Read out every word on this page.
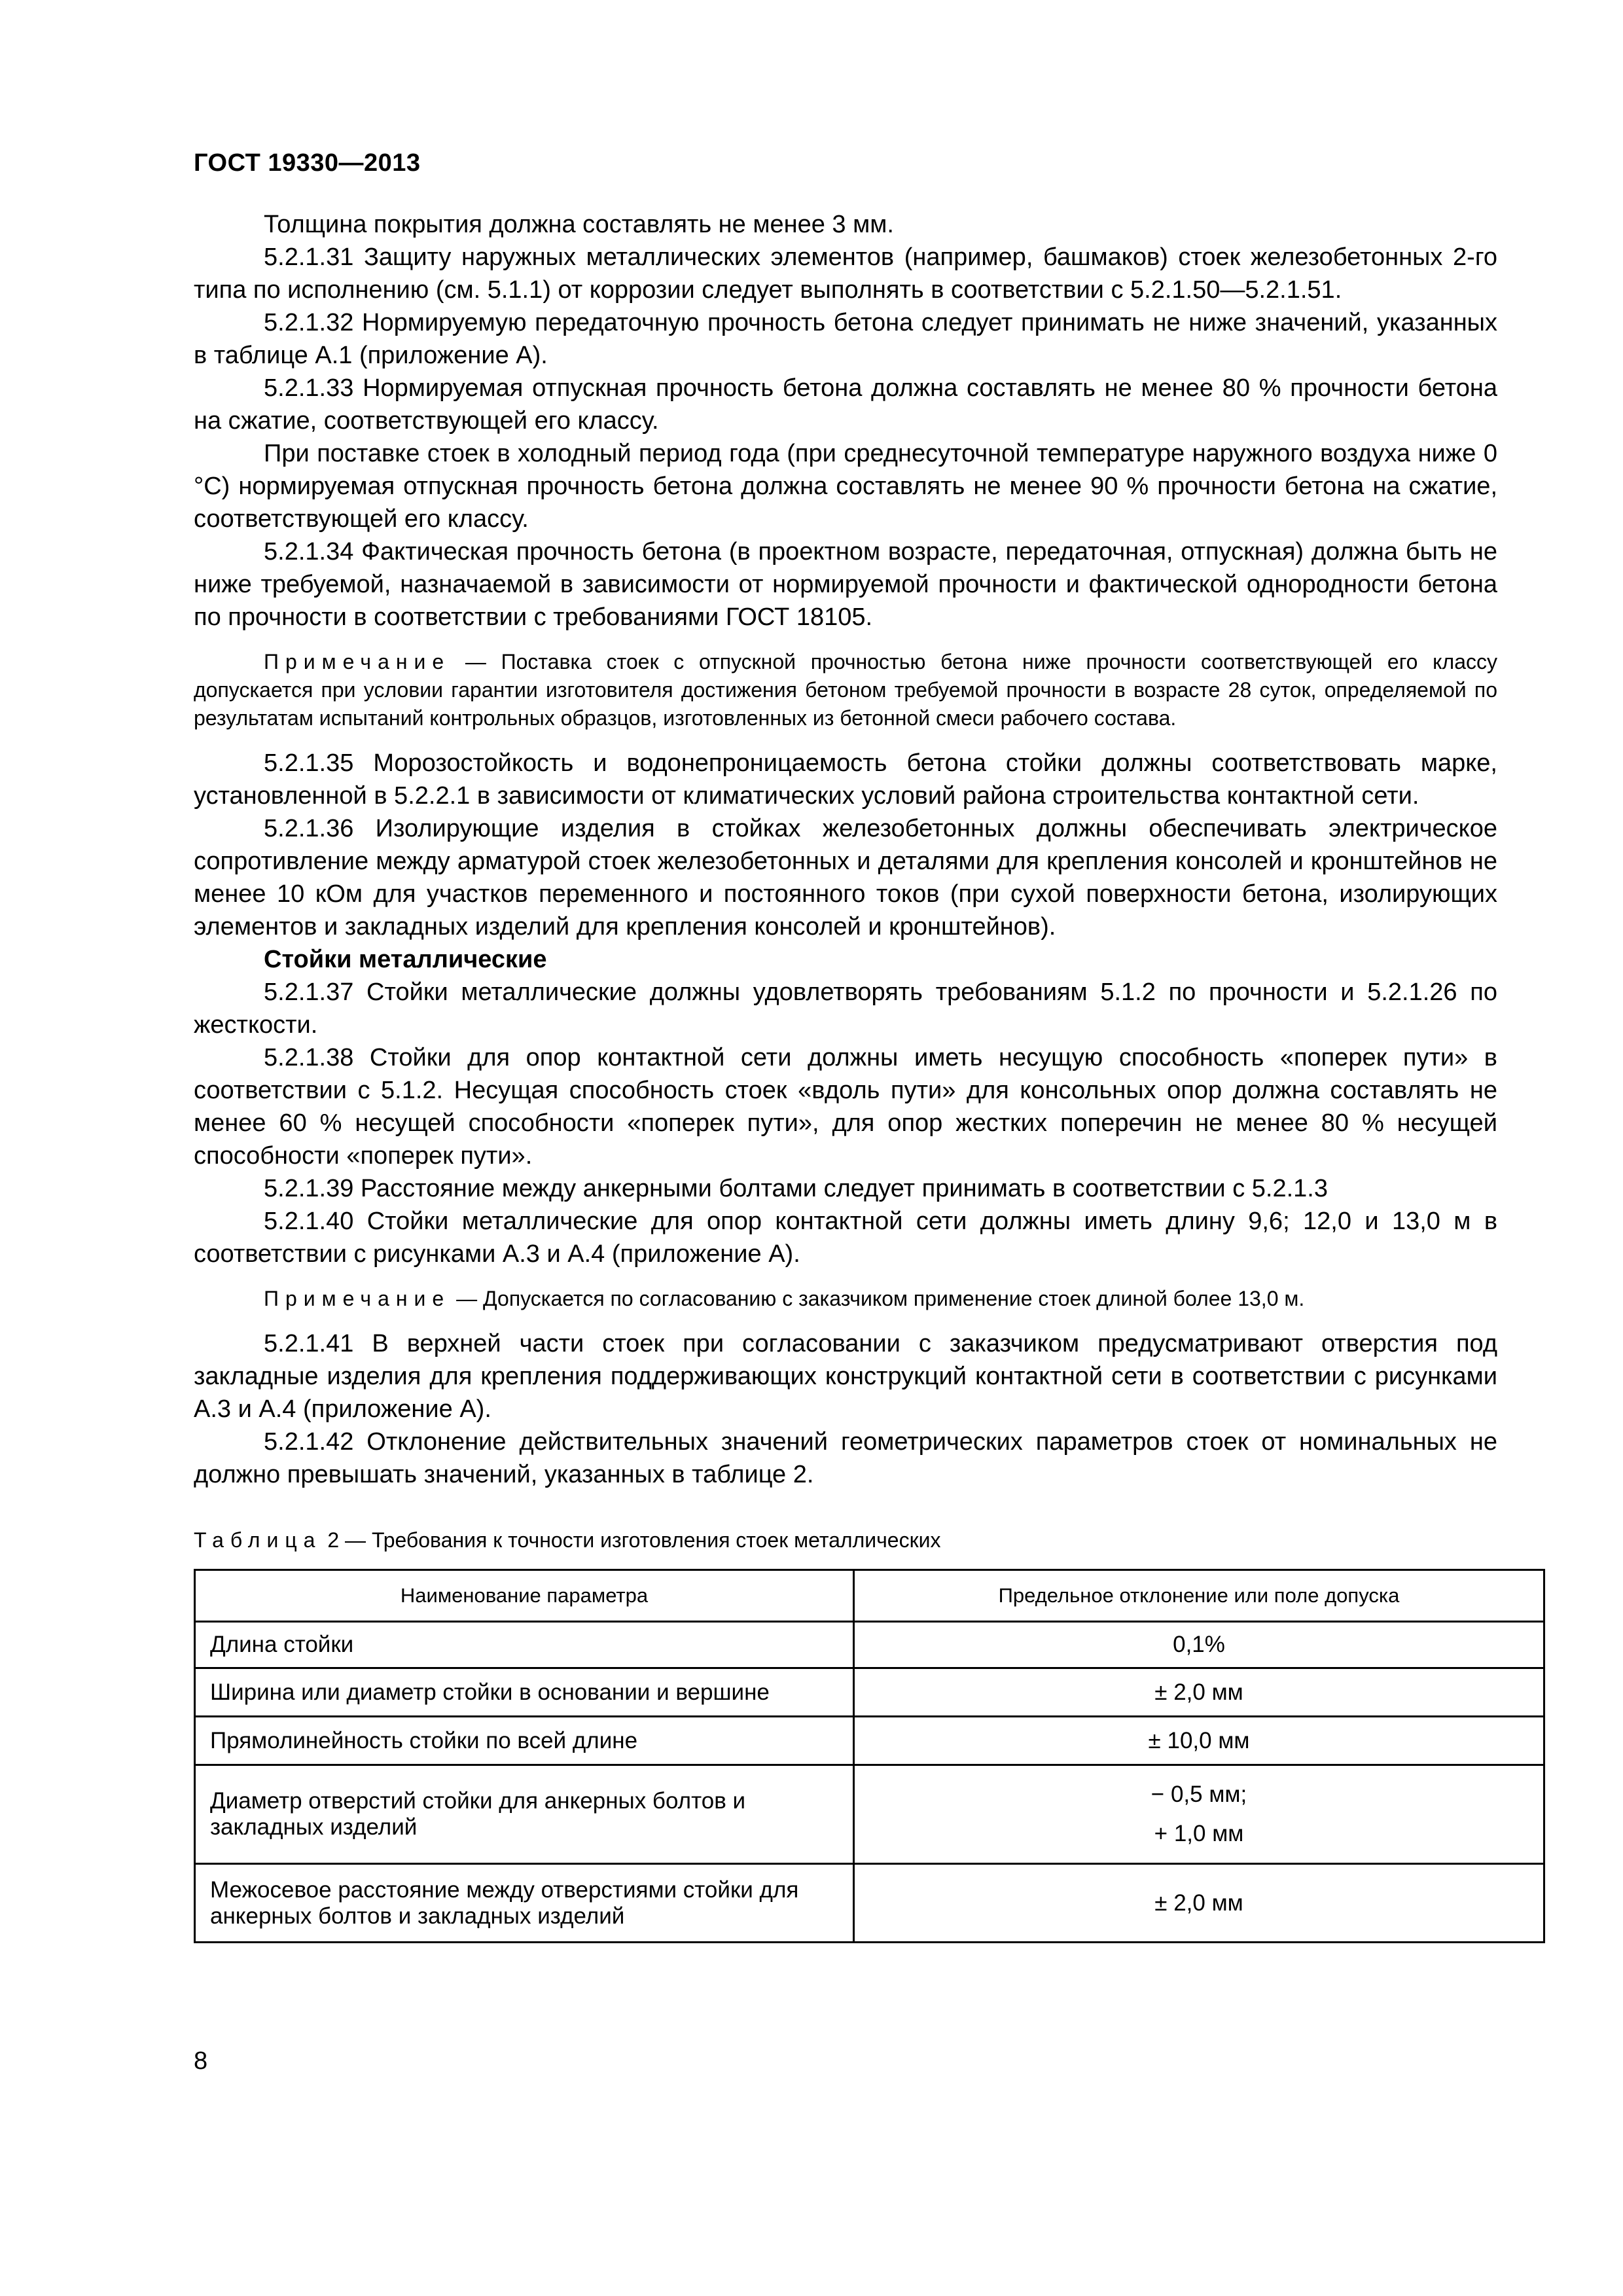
ГОСТ 19330—2013

Толщина покрытия должна составлять не менее 3 мм.

5.2.1.31 Защиту наружных металлических элементов (например, башмаков) стоек железобетонных 2-го типа по исполнению (см. 5.1.1) от коррозии следует выполнять в соответствии с 5.2.1.50—5.2.1.51.

5.2.1.32 Нормируемую передаточную прочность бетона следует принимать не ниже значений, указанных в таблице А.1 (приложение А).

5.2.1.33 Нормируемая отпускная прочность бетона должна составлять не менее 80 % прочности бетона на сжатие, соответствующей его классу.

При поставке стоек в холодный период года (при среднесуточной температуре наружного воздуха ниже 0 °С) нормируемая отпускная прочность бетона должна составлять не менее 90 % прочности бетона на сжатие, соответствующей его классу.

5.2.1.34 Фактическая прочность бетона (в проектном возрасте, передаточная, отпускная) должна быть не ниже требуемой, назначаемой в зависимости от нормируемой прочности и фактической однородности бетона по прочности в соответствии с требованиями ГОСТ 18105.

Примечание — Поставка стоек с отпускной прочностью бетона ниже прочности соответствующей его классу допускается при условии гарантии изготовителя достижения бетоном требуемой прочности в возрасте 28 суток, определяемой по результатам испытаний контрольных образцов, изготовленных из бетонной смеси рабочего состава.

5.2.1.35 Морозостойкость и водонепроницаемость бетона стойки должны соответствовать марке, установленной в 5.2.2.1 в зависимости от климатических условий района строительства контактной сети.

5.2.1.36 Изолирующие изделия в стойках железобетонных должны обеспечивать электрическое сопротивление между арматурой стоек железобетонных и деталями для крепления консолей и кронштейнов не менее 10 кОм для участков переменного и постоянного токов (при сухой поверхности бетона, изолирующих элементов и закладных изделий для крепления консолей и кронштейнов).

Стойки металлические

5.2.1.37 Стойки металлические должны удовлетворять требованиям 5.1.2 по прочности и 5.2.1.26 по жесткости.

5.2.1.38 Стойки для опор контактной сети должны иметь несущую способность «поперек пути» в соответствии с 5.1.2. Несущая способность стоек «вдоль пути» для консольных опор должна составлять не менее 60 % несущей способности «поперек пути», для опор жестких поперечин не менее 80 % несущей способности «поперек пути».

5.2.1.39 Расстояние между анкерными болтами следует принимать в соответствии с 5.2.1.3

5.2.1.40 Стойки металлические для опор контактной сети должны иметь длину 9,6; 12,0 и 13,0 м в соответствии с рисунками А.3 и А.4 (приложение А).

Примечание — Допускается по согласованию с заказчиком применение стоек длиной более 13,0 м.

5.2.1.41 В верхней части стоек при согласовании с заказчиком предусматривают отверстия под закладные изделия для крепления поддерживающих конструкций контактной сети в соответствии с рисунками А.3 и А.4 (приложение А).

5.2.1.42 Отклонение действительных значений геометрических параметров стоек от номинальных не должно превышать значений, указанных в таблице 2.

Таблица 2 — Требования к точности изготовления стоек металлических
Наименование параметра	Предельное отклонение или поле допуска
Длина стойки	0,1%
Ширина или диаметр стойки в основании и вершине	± 2,0 мм
Прямолинейность стойки по всей длине	± 10,0 мм
Диаметр отверстий стойки для анкерных болтов и закладных изделий	− 0,5 мм;
+ 1,0 мм

Межосевое расстояние между отверстиями стойки для анкерных болтов и закладных изделий	± 2,0 мм
8
